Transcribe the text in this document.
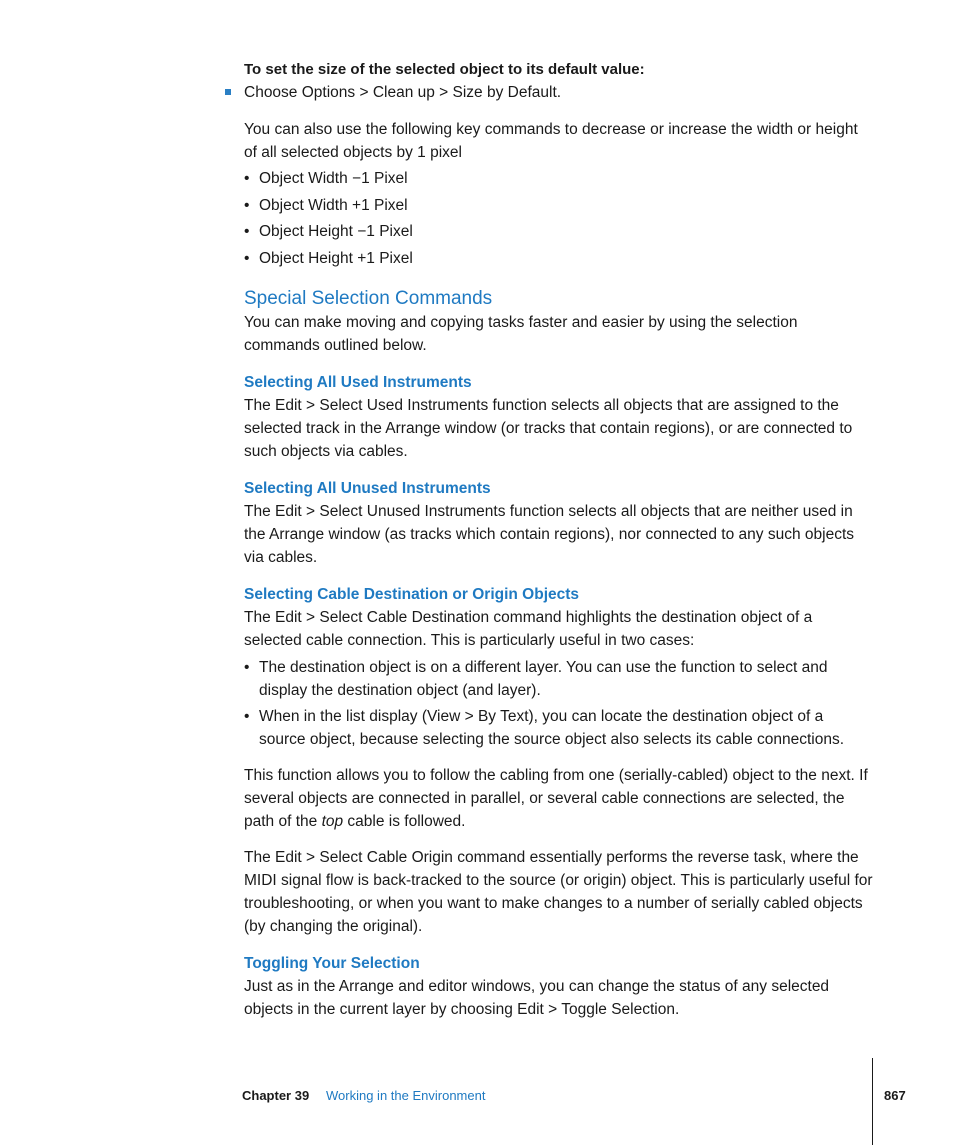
To set the size of the selected object to its default value:

Choose Options > Clean up > Size by Default.

You can also use the following key commands to decrease or increase the width or height of all selected objects by 1 pixel

• Object Width −1 Pixel
• Object Width +1 Pixel
• Object Height −1 Pixel
• Object Height +1 Pixel
Special Selection Commands

You can make moving and copying tasks faster and easier by using the selection commands outlined below.

Selecting All Used Instruments

The Edit > Select Used Instruments function selects all objects that are assigned to the selected track in the Arrange window (or tracks that contain regions), or are connected to such objects via cables.

Selecting All Unused Instruments

The Edit > Select Unused Instruments function selects all objects that are neither used in the Arrange window (as tracks which contain regions), nor connected to any such objects via cables.

Selecting Cable Destination or Origin Objects

The Edit > Select Cable Destination command highlights the destination object of a selected cable connection. This is particularly useful in two cases:

• The destination object is on a different layer. You can use the function to select and display the destination object (and layer).
• When in the list display (View > By Text), you can locate the destination object of a source object, because selecting the source object also selects its cable connections.

This function allows you to follow the cabling from one (serially-cabled) object to the next. If several objects are connected in parallel, or several cable connections are selected, the path of the top cable is followed.

The Edit > Select Cable Origin command essentially performs the reverse task, where the MIDI signal flow is back-tracked to the source (or origin) object. This is particularly useful for troubleshooting, or when you want to make changes to a number of serially cabled objects (by changing the original).

Toggling Your Selection

Just as in the Arrange and editor windows, you can change the status of any selected objects in the current layer by choosing Edit > Toggle Selection.

Chapter 39 Working in the Environment	867
